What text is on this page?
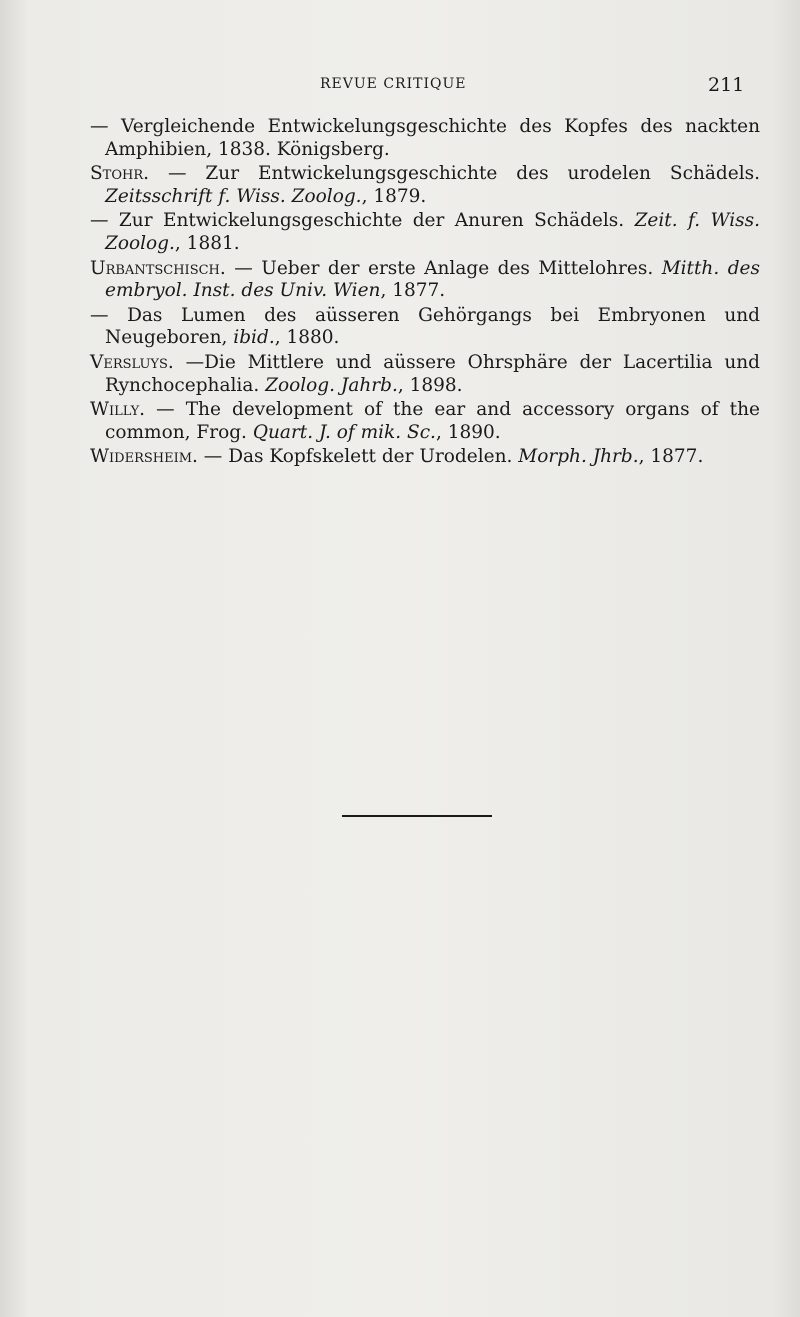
REVUE CRITIQUE	211

— Vergleichende Entwickelungsgeschichte des Kopfes des nackten Amphibien, 1838. Königsberg.

Stohr. — Zur Entwickelungsgeschichte des urodelen Schädels. Zeitsschrift f. Wiss. Zoolog., 1879.

— Zur Entwickelungsgeschichte der Anuren Schädels. Zeit. f. Wiss. Zoolog., 1881.

Urbantschisch. — Ueber der erste Anlage des Mittelohres. Mitth. des embryol. Inst. des Univ. Wien, 1877.

— Das Lumen des aüsseren Gehörgangs bei Embryonen und Neugeboren, ibid., 1880.

Versluys. —Die Mittlere und aüssere Ohrsphäre der Lacertilia und Rynchocephalia. Zoolog. Jahrb., 1898.

Willy. — The development of the ear and accessory organs of the common, Frog. Quart. J. of mik. Sc., 1890.

Widersheim. — Das Kopfskelett der Urodelen. Morph. Jhrb., 1877.
